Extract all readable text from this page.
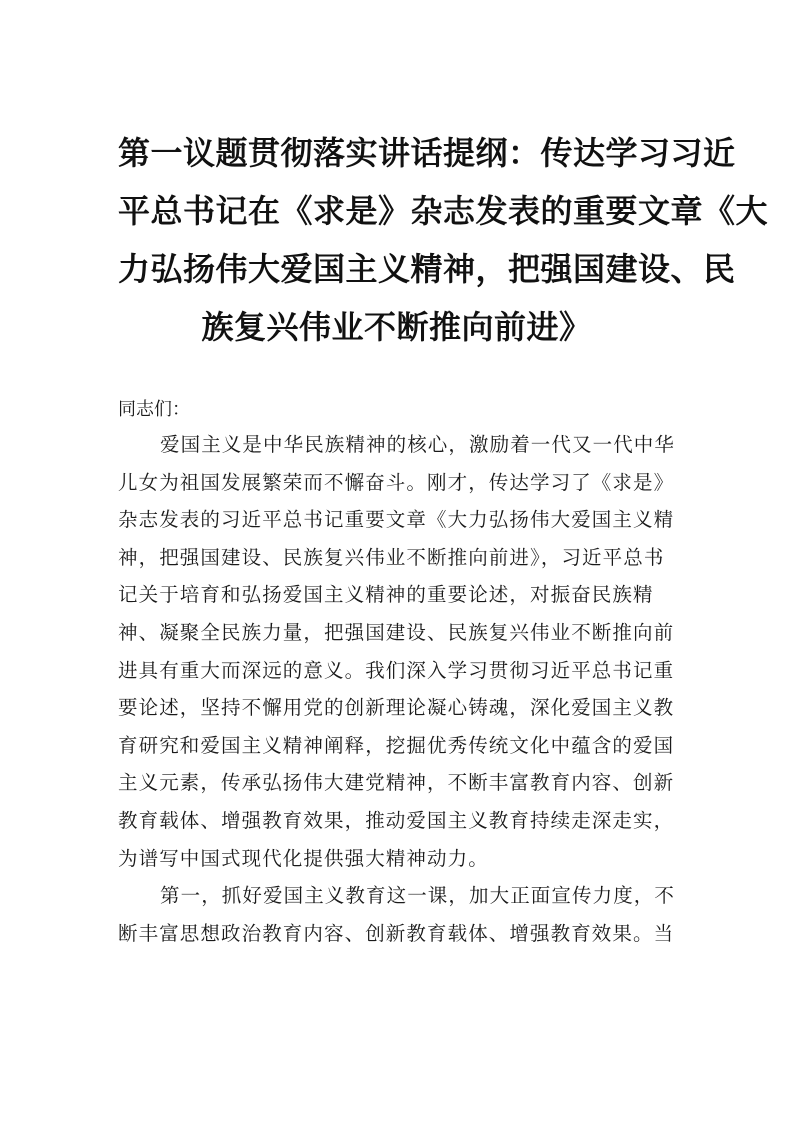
第一议题贯彻落实讲话提纲：传达学习习近
平总书记在《求是》杂志发表的重要文章《大
力弘扬伟大爱国主义精神，把强国建设、民
族复兴伟业不断推向前进》
同志们：
爱国主义是中华民族精神的核心，激励着一代又一代中华
儿女为祖国发展繁荣而不懈奋斗。刚才，传达学习了《求是》
杂志发表的习近平总书记重要文章《大力弘扬伟大爱国主义精
神，把强国建设、民族复兴伟业不断推向前进》，习近平总书
记关于培育和弘扬爱国主义精神的重要论述，对振奋民族精
神、凝聚全民族力量，把强国建设、民族复兴伟业不断推向前
进具有重大而深远的意义。我们深入学习贯彻习近平总书记重
要论述，坚持不懈用党的创新理论凝心铸魂，深化爱国主义教
育研究和爱国主义精神阐释，挖掘优秀传统文化中蕴含的爱国
主义元素，传承弘扬伟大建党精神，不断丰富教育内容、创新
教育载体、增强教育效果，推动爱国主义教育持续走深走实，
为谱写中国式现代化提供强大精神动力。
第一，抓好爱国主义教育这一课，加大正面宣传力度，不
断丰富思想政治教育内容、创新教育载体、增强教育效果。当
